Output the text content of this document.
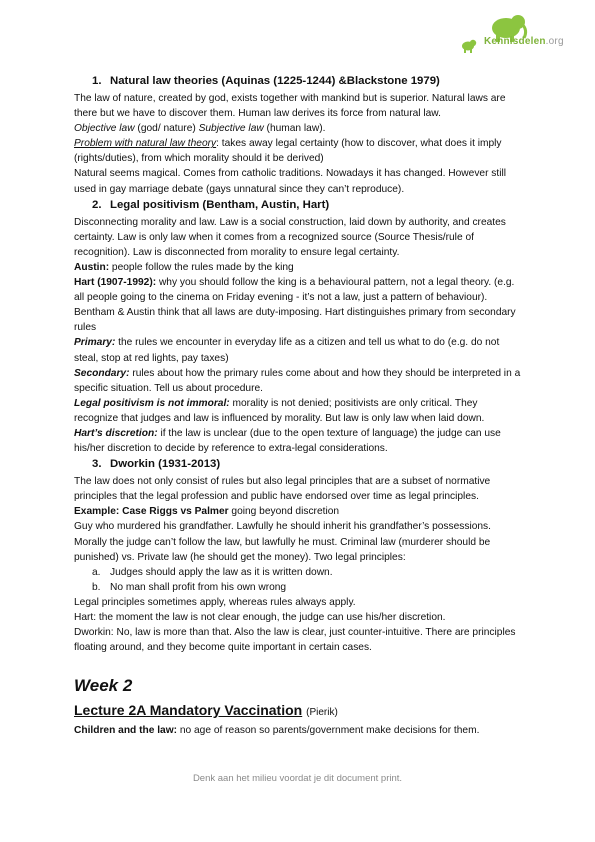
Kennisdelen.org

1. Natural law theories (Aquinas (1225-1244) &Blackstone 1979)

The law of nature, created by god, exists together with mankind but is superior. Natural laws are there but we have to discover them. Human law derives its force from natural law.

Objective law (god/ nature) Subjective law (human law).

Problem with natural law theory: takes away legal certainty (how to discover, what does it imply (rights/duties), from which morality should it be derived)

Natural seems magical. Comes from catholic traditions. Nowadays it has changed. However still used in gay marriage debate (gays unnatural since they can’t reproduce).

2. Legal positivism (Bentham, Austin, Hart)

Disconnecting morality and law. Law is a social construction, laid down by authority, and creates certainty. Law is only law when it comes from a recognized source (Source Thesis/rule of recognition). Law is disconnected from morality to ensure legal certainty.

Austin: people follow the rules made by the king

Hart (1907-1992): why you should follow the king is a behavioural pattern, not a legal theory. (e.g. all people going to the cinema on Friday evening - it’s not a law, just a pattern of behaviour). Bentham & Austin think that all laws are duty-imposing. Hart distinguishes primary from secondary rules

Primary: the rules we encounter in everyday life as a citizen and tell us what to do (e.g. do not steal, stop at red lights, pay taxes)

Secondary: rules about how the primary rules come about and how they should be interpreted in a specific situation. Tell us about procedure.

Legal positivism is not immoral: morality is not denied; positivists are only critical. They recognize that judges and law is influenced by morality. But law is only law when laid down.

Hart’s discretion: if the law is unclear (due to the open texture of language) the judge can use his/her discretion to decide by reference to extra-legal considerations.

3. Dworkin (1931-2013)

The law does not only consist of rules but also legal principles that are a subset of normative principles that the legal profession and public have endorsed over time as legal principles.

Example: Case Riggs vs Palmer going beyond discretion

Guy who murdered his grandfather. Lawfully he should inherit his grandfather’s possessions. Morally the judge can’t follow the law, but lawfully he must. Criminal law (murderer should be punished) vs. Private law (he should get the money). Two legal principles:

a. Judges should apply the law as it is written down.
b. No man shall profit from his own wrong

Legal principles sometimes apply, whereas rules always apply.

Hart: the moment the law is not clear enough, the judge can use his/her discretion.

Dworkin: No, law is more than that. Also the law is clear, just counter-intuitive. There are principles floating around, and they become quite important in certain cases.

Week 2

Lecture 2A Mandatory Vaccination (Pierik)

Children and the law: no age of reason so parents/government make decisions for them.

Denk aan het milieu voordat je dit document print.
